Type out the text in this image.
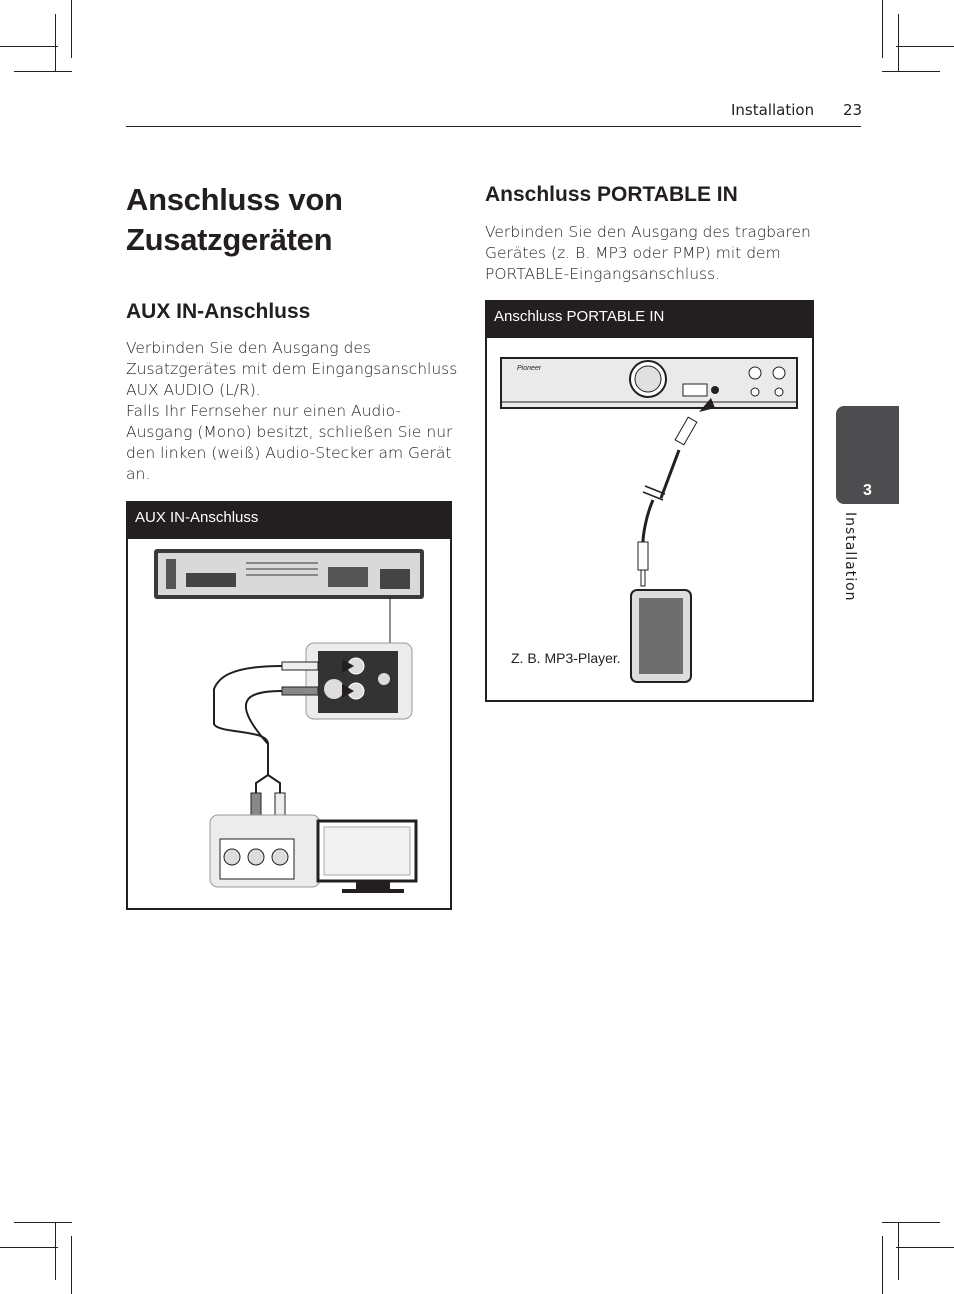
Installation 23
Anschluss von Zusatzgeräten
AUX IN-Anschluss
Verbinden Sie den Ausgang des Zusatzgerätes mit dem Eingangsanschluss AUX AUDIO (L/R).
Falls Ihr Fernseher nur einen Audio-Ausgang (Mono) besitzt, schließen Sie nur den linken (weiß) Audio-Stecker am Gerät an.
AUX IN-Anschluss
Anschluss PORTABLE IN
Verbinden Sie den Ausgang des tragbaren Gerätes (z. B. MP3 oder PMP) mit dem PORTABLE-Eingangsanschluss.
Anschluss PORTABLE IN
Pioneer
Z. B. MP3-Player.
3
Installation
